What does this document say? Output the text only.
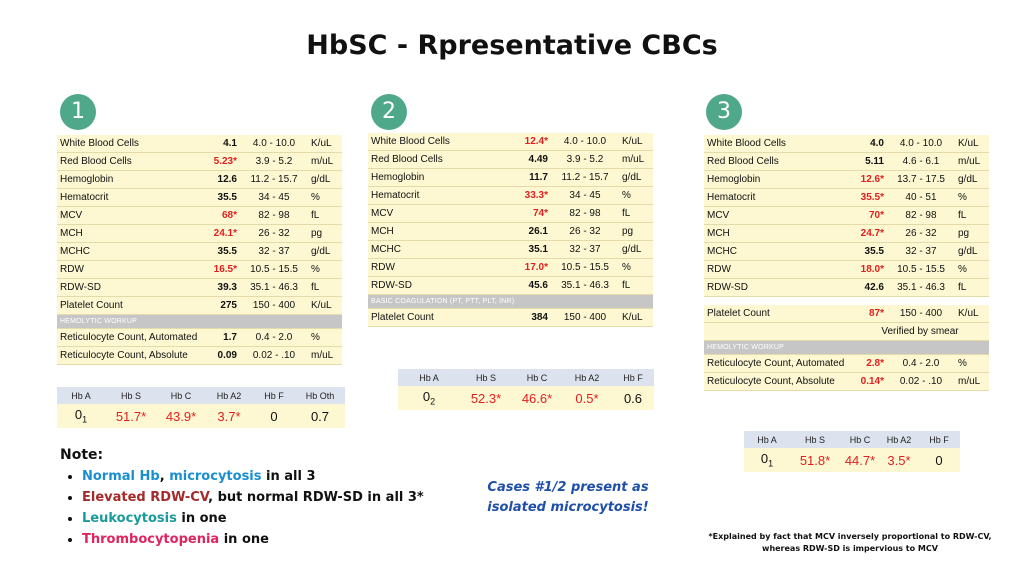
HbSC - Rpresentative CBCs
1	2	3
White Blood Cells	4.1	4.0 - 10.0	K/uL
Red Blood Cells	5.23*	3.9 - 5.2	m/uL
Hemoglobin	12.6	11.2 - 15.7	g/dL
Hematocrit	35.5	34 - 45	%
MCV	68*	82 - 98	fL
MCH	24.1*	26 - 32	pg
MCHC	35.5	32 - 37	g/dL
RDW	16.5*	10.5 - 15.5	%
RDW-SD	39.3	35.1 - 46.3	fL
Platelet Count	275	150 - 400	K/uL
HEMOLYTIC WORKUP			
Reticulocyte Count, Automated	1.7	0.4 - 2.0	%
Reticulocyte Count, Absolute	0.09	0.02 - .10	m/uL
White Blood Cells	12.4*	4.0 - 10.0	K/uL
Red Blood Cells	4.49	3.9 - 5.2	m/uL
Hemoglobin	11.7	11.2 - 15.7	g/dL
Hematocrit	33.3*	34 - 45	%
MCV	74*	82 - 98	fL
MCH	26.1	26 - 32	pg
MCHC	35.1	32 - 37	g/dL
RDW	17.0*	10.5 - 15.5	%
RDW-SD	45.6	35.1 - 46.3	fL
BASIC COAGULATION (PT, PTT, PLT, INR)			
Platelet Count	384	150 - 400	K/uL
White Blood Cells	4.0	4.0 - 10.0	K/uL
Red Blood Cells	5.11	4.6 - 6.1	m/uL
Hemoglobin	12.6*	13.7 - 17.5	g/dL
Hematocrit	35.5*	40 - 51	%
MCV	70*	82 - 98	fL
MCH	24.7*	26 - 32	pg
MCHC	35.5	32 - 37	g/dL
RDW	18.0*	10.5 - 15.5	%
RDW-SD	42.6	35.1 - 46.3	fL

Platelet Count	87*	150 - 400	K/uL
	Verified by smear		
HEMOLYTIC WORKUP			
Reticulocyte Count, Automated	2.8*	0.4 - 2.0	%
Reticulocyte Count, Absolute	0.14*	0.02 - .10	m/uL
Hb A	Hb S	Hb C	Hb A2	Hb F	Hb Oth
$0_1$	51.7*	43.9*	3.7*	0	0.7
Hb A	Hb S	Hb C	Hb A2	Hb F
$0_2$	52.3*	46.6*	0.5*	0.6
Hb A	Hb S	Hb C	Hb A2	Hb F
$0_1$	51.8*	44.7*	3.5*	0
Note:
• Normal Hb, microcytosis in all 3
• Elevated RDW-CV, but normal RDW-SD in all 3*
• Leukocytosis in one
• Thrombocytopenia in one
Cases #1/2 present as isolated microcytosis!
*Explained by fact that MCV inversely proportional to RDW-CV, whereas RDW-SD is impervious to MCV
